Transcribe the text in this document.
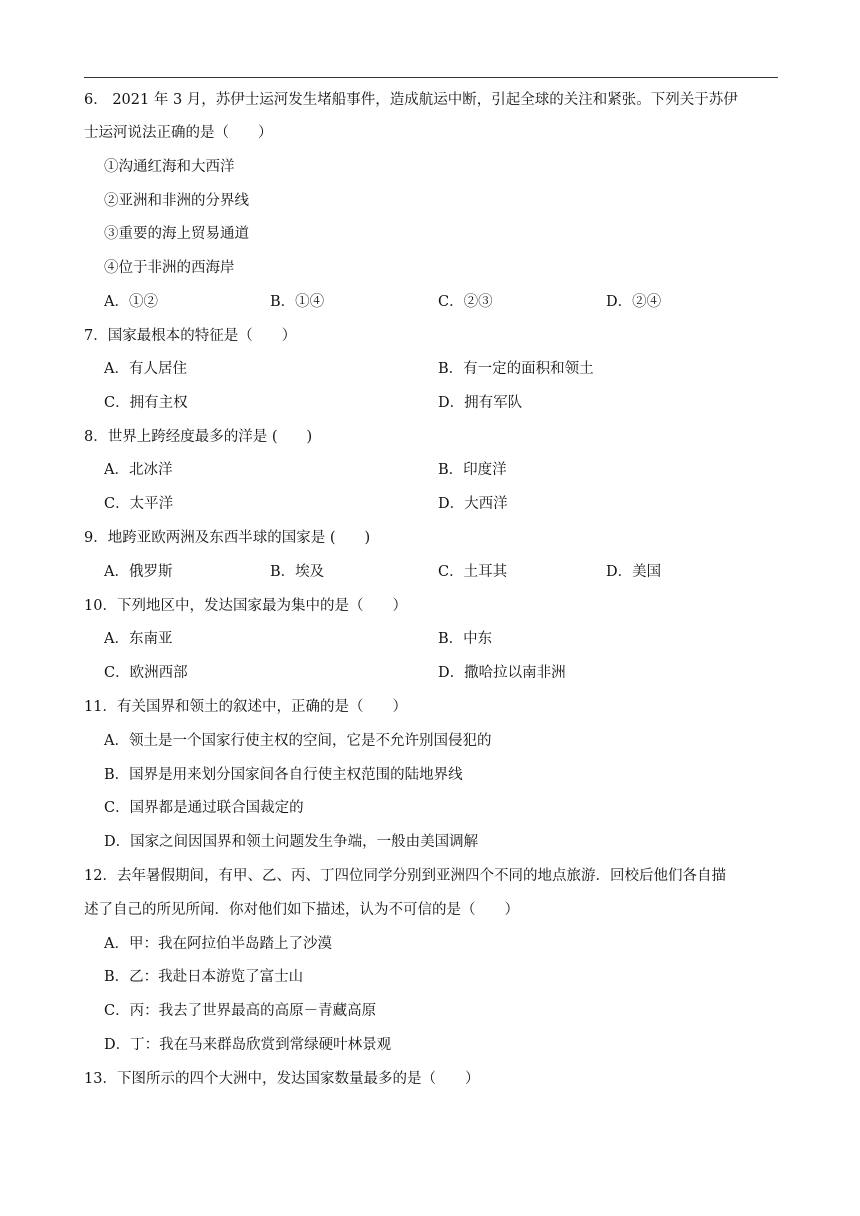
6． 2021 年 3 月，苏伊士运河发生堵船事件，造成航运中断，引起全球的关注和紧张。下列关于苏伊
士运河说法正确的是（　　）
①沟通红海和大西洋
②亚洲和非洲的分界线
③重要的海上贸易通道
④位于非洲的西海岸
A．①②	B．①④	C．②③	D．②④
7．国家最根本的特征是（　　）
A．有人居住	B．有一定的面积和领土
C．拥有主权	D．拥有军队
8．世界上跨经度最多的洋是 (　　)
A．北冰洋	B．印度洋
C．太平洋	D．大西洋
9．地跨亚欧两洲及东西半球的国家是 (　　)
A．俄罗斯	B．埃及	C．土耳其	D．美国
10．下列地区中，发达国家最为集中的是（　　）
A．东南亚	B．中东
C．欧洲西部	D．撒哈拉以南非洲
11．有关国界和领土的叙述中，正确的是（　　）
A．领土是一个国家行使主权的空间，它是不允许别国侵犯的
B．国界是用来划分国家间各自行使主权范围的陆地界线
C．国界都是通过联合国裁定的
D．国家之间因国界和领土问题发生争端，一般由美国调解
12．去年暑假期间，有甲、乙、丙、丁四位同学分别到亚洲四个不同的地点旅游．回校后他们各自描
述了自己的所见所闻．你对他们如下描述，认为不可信的是（　　）
A．甲：我在阿拉伯半岛踏上了沙漠
B．乙：我赴日本游览了富士山
C．丙：我去了世界最高的高原－青藏高原
D．丁：我在马来群岛欣赏到常绿硬叶林景观
13．下图所示的四个大洲中，发达国家数量最多的是（　　）
